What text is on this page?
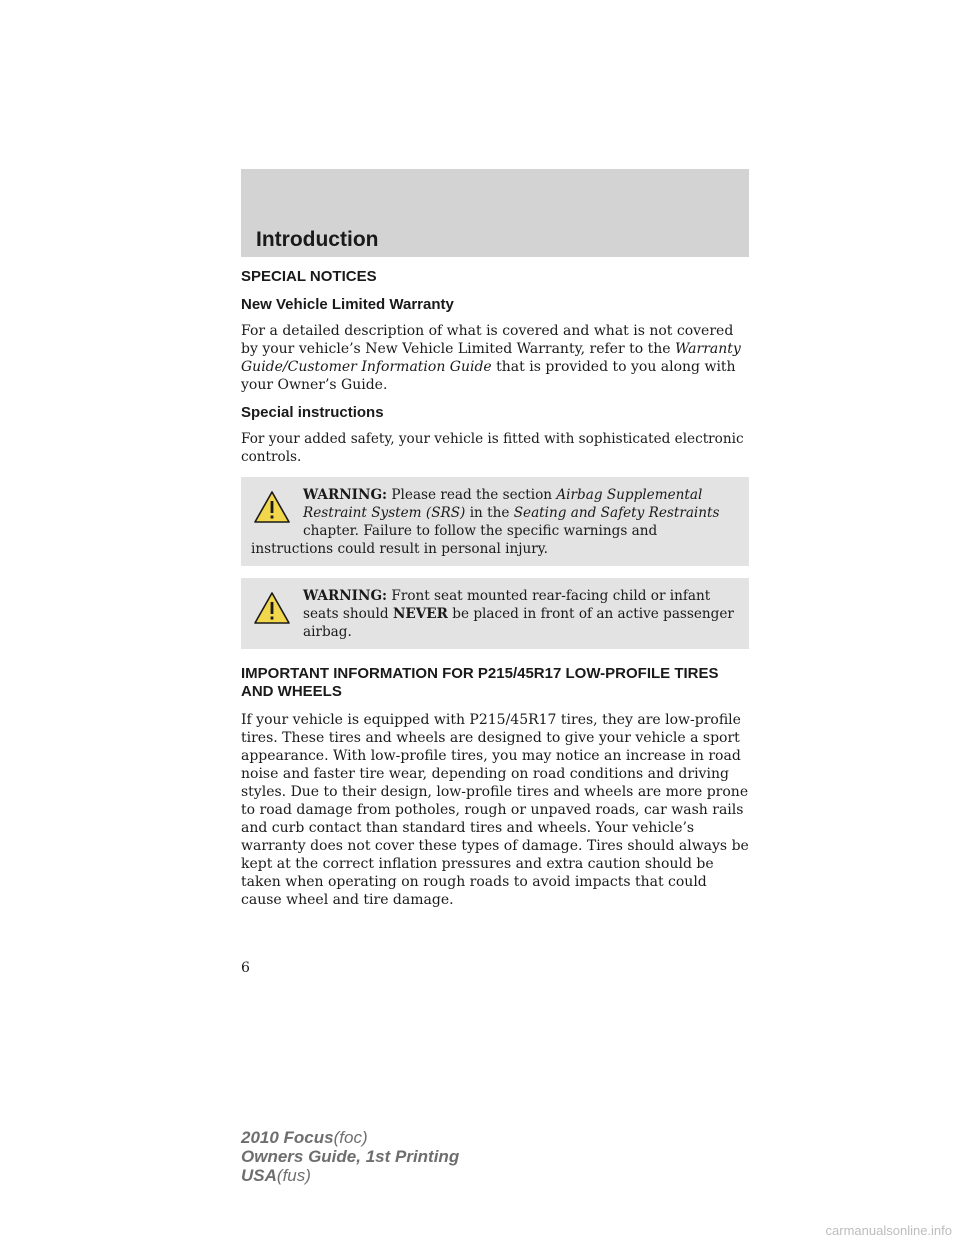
Introduction
SPECIAL NOTICES
New Vehicle Limited Warranty

For a detailed description of what is covered and what is not covered by your vehicle’s New Vehicle Limited Warranty, refer to the Warranty Guide/Customer Information Guide that is provided to you along with your Owner’s Guide.

Special instructions

For your added safety, your vehicle is fitted with sophisticated electronic controls.

WARNING: Please read the section Airbag Supplemental Restraint System (SRS) in the Seating and Safety Restraints chapter. Failure to follow the specific warnings and instructions could result in personal injury.
WARNING: Front seat mounted rear-facing child or infant seats should NEVER be placed in front of an active passenger airbag.
IMPORTANT INFORMATION FOR P215/45R17 LOW-PROFILE TIRES AND WHEELS

If your vehicle is equipped with P215/45R17 tires, they are low-profile tires. These tires and wheels are designed to give your vehicle a sport appearance. With low-profile tires, you may notice an increase in road noise and faster tire wear, depending on road conditions and driving styles. Due to their design, low-profile tires and wheels are more prone to road damage from potholes, rough or unpaved roads, car wash rails and curb contact than standard tires and wheels. Your vehicle’s warranty does not cover these types of damage. Tires should always be kept at the correct inflation pressures and extra caution should be taken when operating on rough roads to avoid impacts that could cause wheel and tire damage.

6
2010 Focus(foc)
Owners Guide, 1st Printing
USA(fus)
carmanualsonline.info
